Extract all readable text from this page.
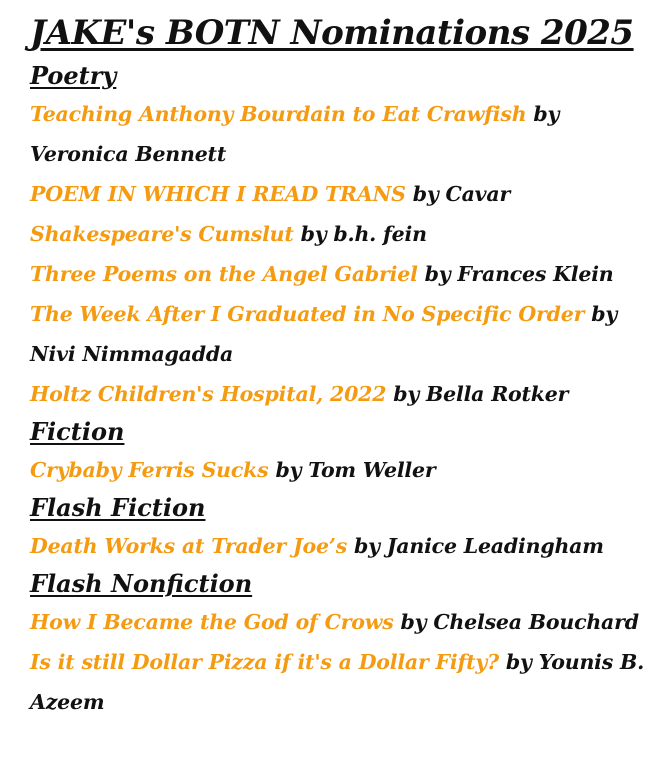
JAKE's BOTN Nominations 2025
Poetry

Teaching Anthony Bourdain to Eat Crawfish by Veronica Bennett

POEM IN WHICH I READ TRANS by Cavar

Shakespeare's Cumslut by b.h. fein

Three Poems on the Angel Gabriel by Frances Klein

The Week After I Graduated in No Specific Order by Nivi Nimmagadda

Holtz Children's Hospital, 2022 by Bella Rotker

Fiction

Crybaby Ferris Sucks by Tom Weller

Flash Fiction

Death Works at Trader Joe’s by Janice Leadingham

Flash Nonfiction

How I Became the God of Crows by Chelsea Bouchard

Is it still Dollar Pizza if it's a Dollar Fifty? by Younis B. Azeem
